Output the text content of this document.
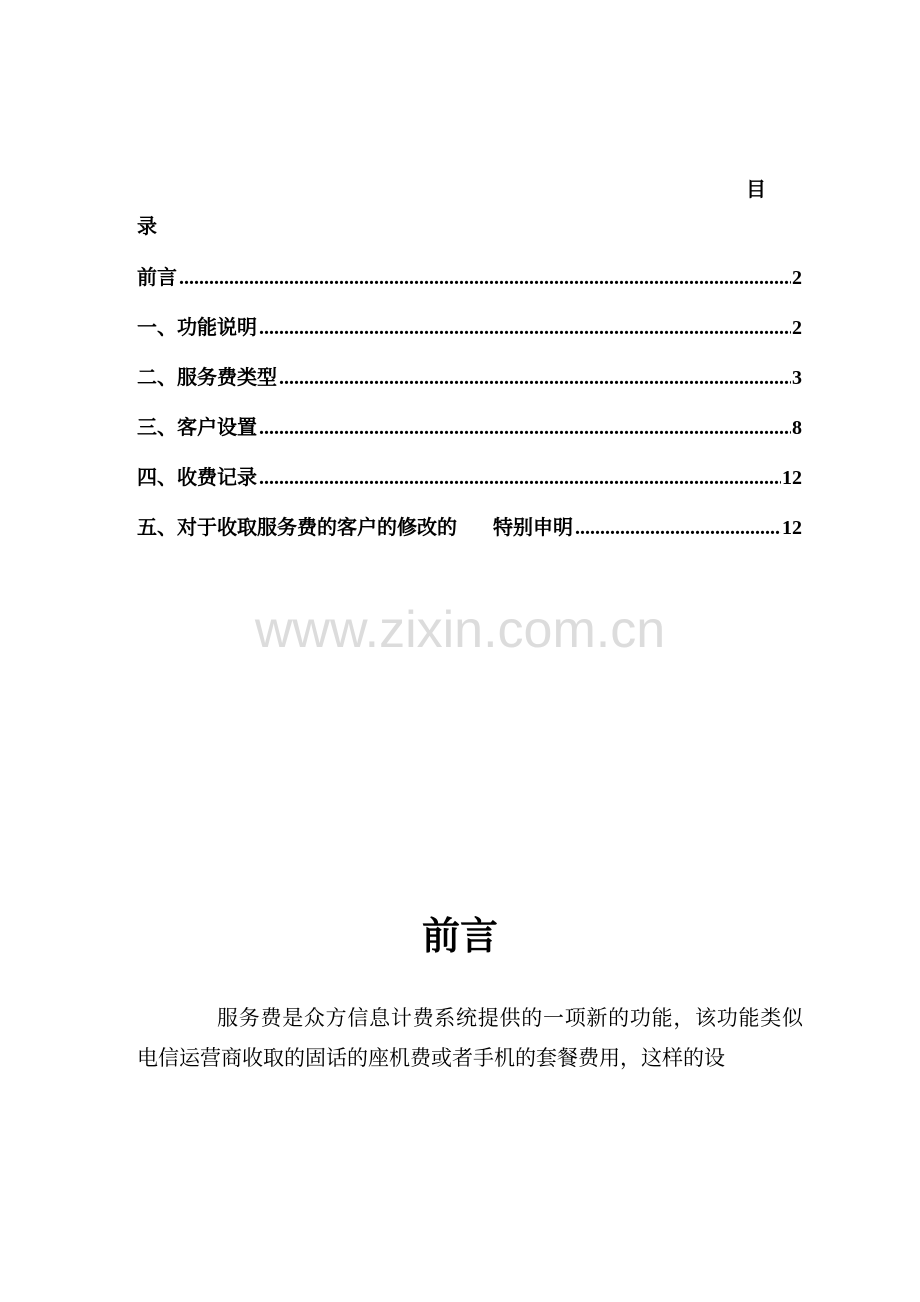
目
录
前言 .....	2
一、功能说明 .....	2
二、服务费类型 .....	3
三、客户设置 .....	8
四、收费记录 .....	12
五、对于收取服务费的客户的修改的 特别申明 .....	12
www.zixin.com.cn
前言
服务费是众方信息计费系统提供的一项新的功能，该功能类似电信运营商收取的固话的座机费或者手机的套餐费用，这样的设
